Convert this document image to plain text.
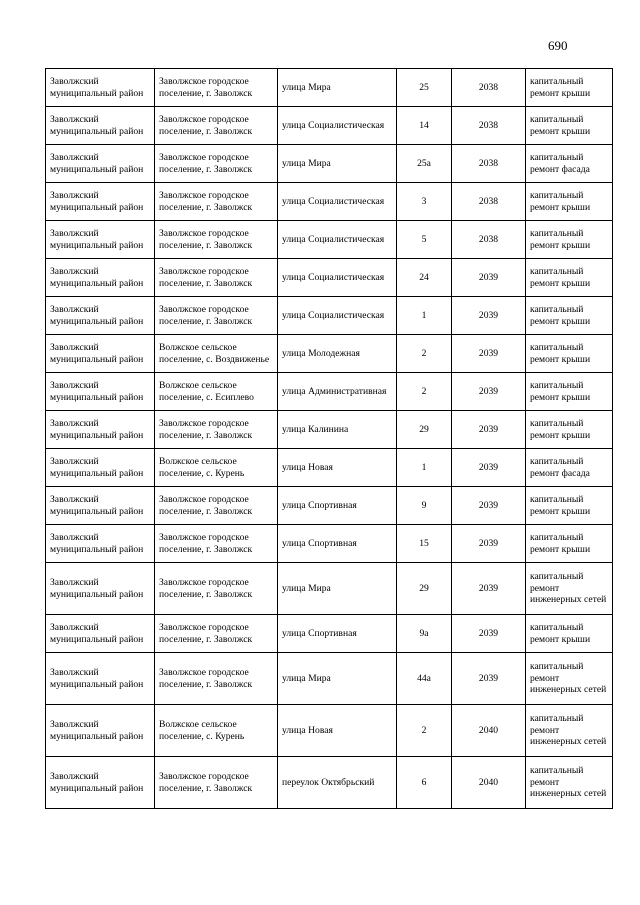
690
Заволжский муниципальный район	Заволжское городское поселение, г. Заволжск	улица Мира	25	2038	капитальный ремонт крыши
Заволжский муниципальный район	Заволжское городское поселение, г. Заволжск	улица Социалистическая	14	2038	капитальный ремонт крыши
Заволжский муниципальный район	Заволжское городское поселение, г. Заволжск	улица Мира	25а	2038	капитальный ремонт фасада
Заволжский муниципальный район	Заволжское городское поселение, г. Заволжск	улица Социалистическая	3	2038	капитальный ремонт крыши
Заволжский муниципальный район	Заволжское городское поселение, г. Заволжск	улица Социалистическая	5	2038	капитальный ремонт крыши
Заволжский муниципальный район	Заволжское городское поселение, г. Заволжск	улица Социалистическая	24	2039	капитальный ремонт крыши
Заволжский муниципальный район	Заволжское городское поселение, г. Заволжск	улица Социалистическая	1	2039	капитальный ремонт крыши
Заволжский муниципальный район	Волжское сельское поселение, с. Воздвиженье	улица Молодежная	2	2039	капитальный ремонт крыши
Заволжский муниципальный район	Волжское сельское поселение, с. Есиплево	улица Административная	2	2039	капитальный ремонт крыши
Заволжский муниципальный район	Заволжское городское поселение, г. Заволжск	улица Калинина	29	2039	капитальный ремонт крыши
Заволжский муниципальный район	Волжское сельское поселение, с. Курень	улица Новая	1	2039	капитальный ремонт фасада
Заволжский муниципальный район	Заволжское городское поселение, г. Заволжск	улица Спортивная	9	2039	капитальный ремонт крыши
Заволжский муниципальный район	Заволжское городское поселение, г. Заволжск	улица Спортивная	15	2039	капитальный ремонт крыши
Заволжский муниципальный район	Заволжское городское поселение, г. Заволжск	улица Мира	29	2039	капитальный ремонт инженерных сетей
Заволжский муниципальный район	Заволжское городское поселение, г. Заволжск	улица Спортивная	9а	2039	капитальный ремонт крыши
Заволжский муниципальный район	Заволжское городское поселение, г. Заволжск	улица Мира	44а	2039	капитальный ремонт инженерных сетей
Заволжский муниципальный район	Волжское сельское поселение, с. Курень	улица Новая	2	2040	капитальный ремонт инженерных сетей
Заволжский муниципальный район	Заволжское городское поселение, г. Заволжск	переулок Октябрьский	6	2040	капитальный ремонт инженерных сетей
